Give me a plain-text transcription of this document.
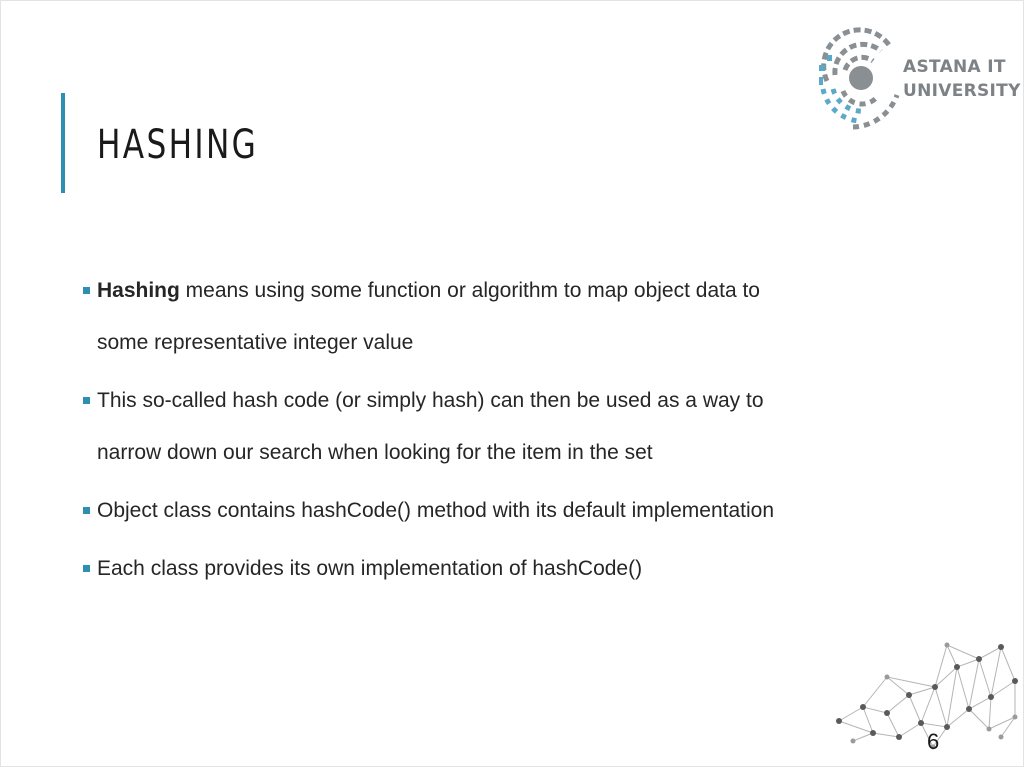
HASHING
ASTANA IT
UNIVERSITY
Hashing means using some function or algorithm to map object data to
some representative integer value
This so-called hash code (or simply hash) can then be used as a way to
narrow down our search when looking for the item in the set
Object class contains hashCode() method with its default implementation
Each class provides its own implementation of hashCode()
6
